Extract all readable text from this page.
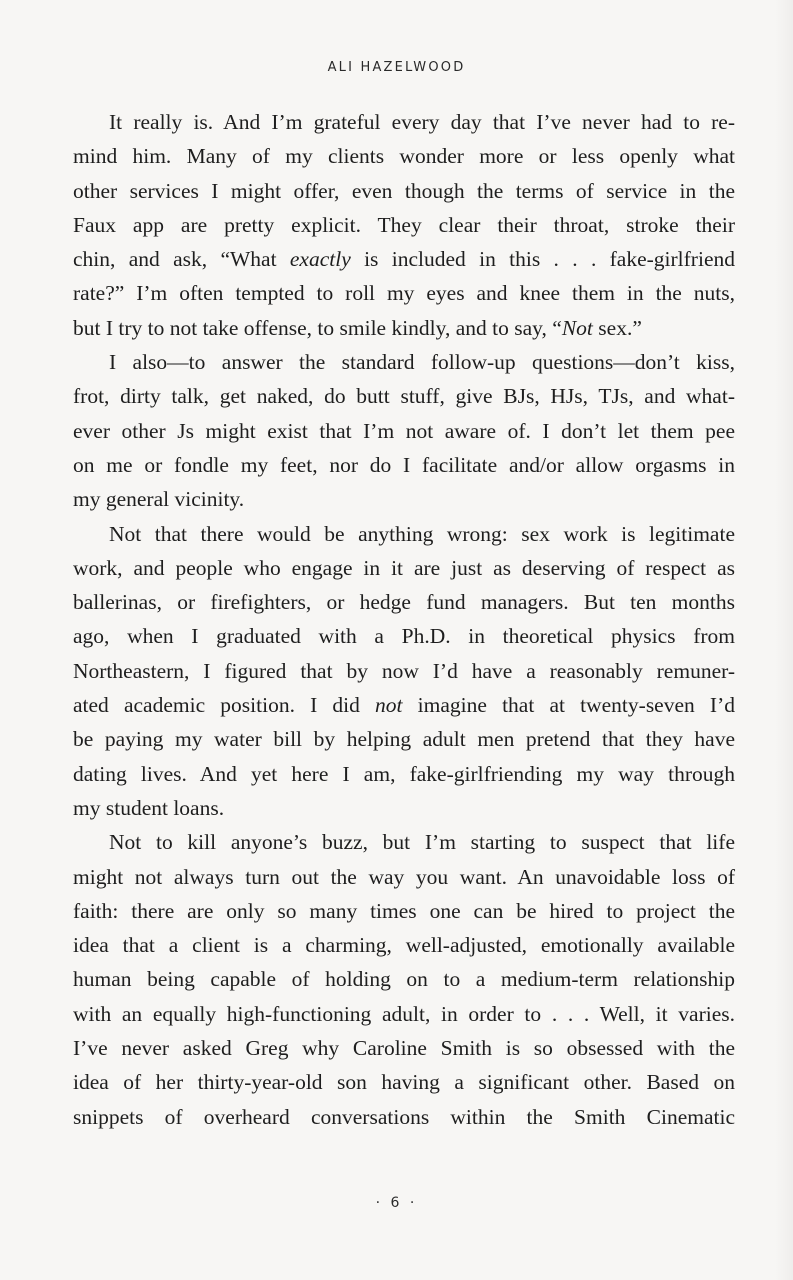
ALI HAZELWOOD
It really is. And I’m grateful every day that I’ve never had to re-
mind him. Many of my clients wonder more or less openly what
other services I might offer, even though the terms of service in the
Faux app are pretty explicit. They clear their throat, stroke their
chin, and ask, “What exactly is included in this . . . fake-girlfriend
rate?” I’m often tempted to roll my eyes and knee them in the nuts,
but I try to not take offense, to smile kindly, and to say, “Not sex.”
I also—to answer the standard follow-up questions—don’t kiss,
frot, dirty talk, get naked, do butt stuff, give BJs, HJs, TJs, and what-
ever other Js might exist that I’m not aware of. I don’t let them pee
on me or fondle my feet, nor do I facilitate and/or allow orgasms in
my general vicinity.
Not that there would be anything wrong: sex work is legitimate
work, and people who engage in it are just as deserving of respect as
ballerinas, or firefighters, or hedge fund managers. But ten months
ago, when I graduated with a Ph.D. in theoretical physics from
Northeastern, I figured that by now I’d have a reasonably remuner-
ated academic position. I did not imagine that at twenty-seven I’d
be paying my water bill by helping adult men pretend that they have
dating lives. And yet here I am, fake-girlfriending my way through
my student loans.
Not to kill anyone’s buzz, but I’m starting to suspect that life
might not always turn out the way you want. An unavoidable loss of
faith: there are only so many times one can be hired to project the
idea that a client is a charming, well-adjusted, emotionally available
human being capable of holding on to a medium-term relationship
with an equally high-functioning adult, in order to . . . Well, it varies.
I’ve never asked Greg why Caroline Smith is so obsessed with the
idea of her thirty-year-old son having a significant other. Based on
snippets of overheard conversations within the Smith Cinematic
· 6 ·
